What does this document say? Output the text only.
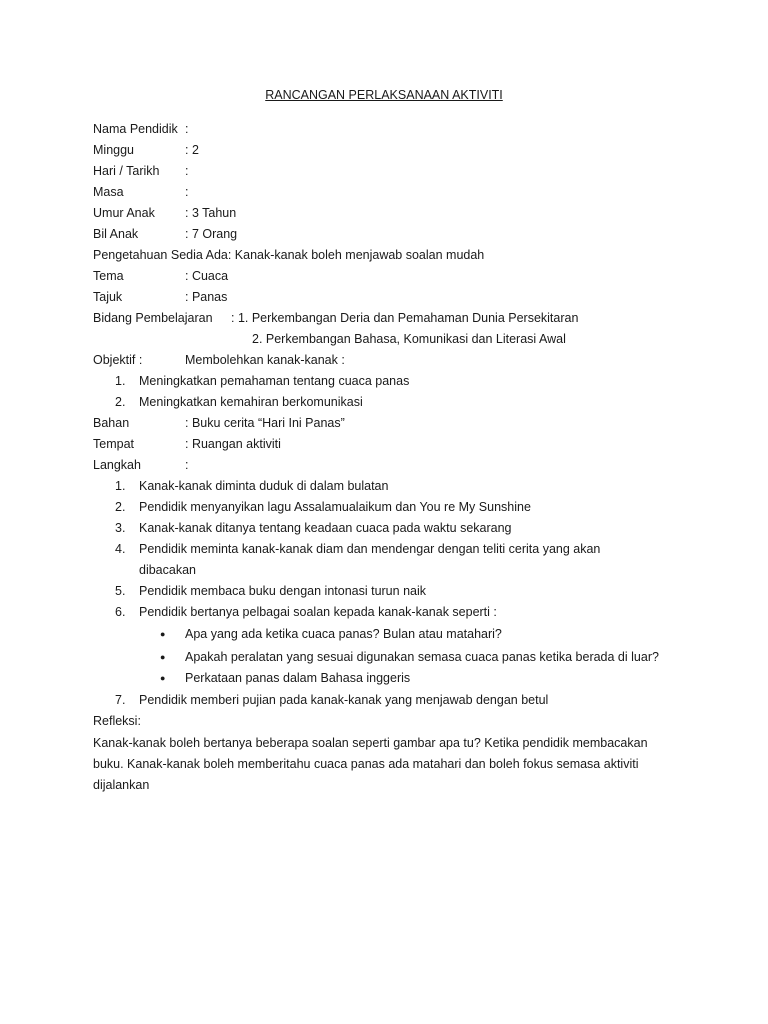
RANCANGAN PERLAKSANAAN AKTIVITI
Nama Pendidik :
Minggu	: 2
Hari / Tarikh :
Masa	:
Umur Anak : 3 Tahun
Bil Anak	: 7 Orang
Pengetahuan Sedia Ada: Kanak-kanak boleh menjawab soalan mudah
Tema	: Cuaca
Tajuk	: Panas
Bidang Pembelajaran : 1. Perkembangan Deria dan Pemahaman Dunia Persekitaran
2. Perkembangan Bahasa, Komunikasi dan Literasi Awal
Objektif :	Membolehkan kanak-kanak :
1. Meningkatkan pemahaman tentang cuaca panas
2. Meningkatkan kemahiran berkomunikasi
Bahan	: Buku cerita “Hari Ini Panas”
Tempat	: Ruangan aktiviti
Langkah	:
1. Kanak-kanak diminta duduk di dalam bulatan
2. Pendidik menyanyikan lagu Assalamualaikum dan You re My Sunshine
3. Kanak-kanak ditanya tentang keadaan cuaca pada waktu sekarang
4. Pendidik meminta kanak-kanak diam dan mendengar dengan teliti cerita yang akan
dibacakan
5. Pendidik membaca buku dengan intonasi turun naik
6. Pendidik bertanya pelbagai soalan kepada kanak-kanak seperti :
● Apa yang ada ketika cuaca panas? Bulan atau matahari?
● Apakah peralatan yang sesuai digunakan semasa cuaca panas ketika berada di luar?
● Perkataan panas dalam Bahasa inggeris
7. Pendidik memberi pujian pada kanak-kanak yang menjawab dengan betul
Refleksi:
Kanak-kanak boleh bertanya beberapa soalan seperti gambar apa tu? Ketika pendidik membacakan
buku. Kanak-kanak boleh memberitahu cuaca panas ada matahari dan boleh fokus semasa aktiviti
dijalankan
